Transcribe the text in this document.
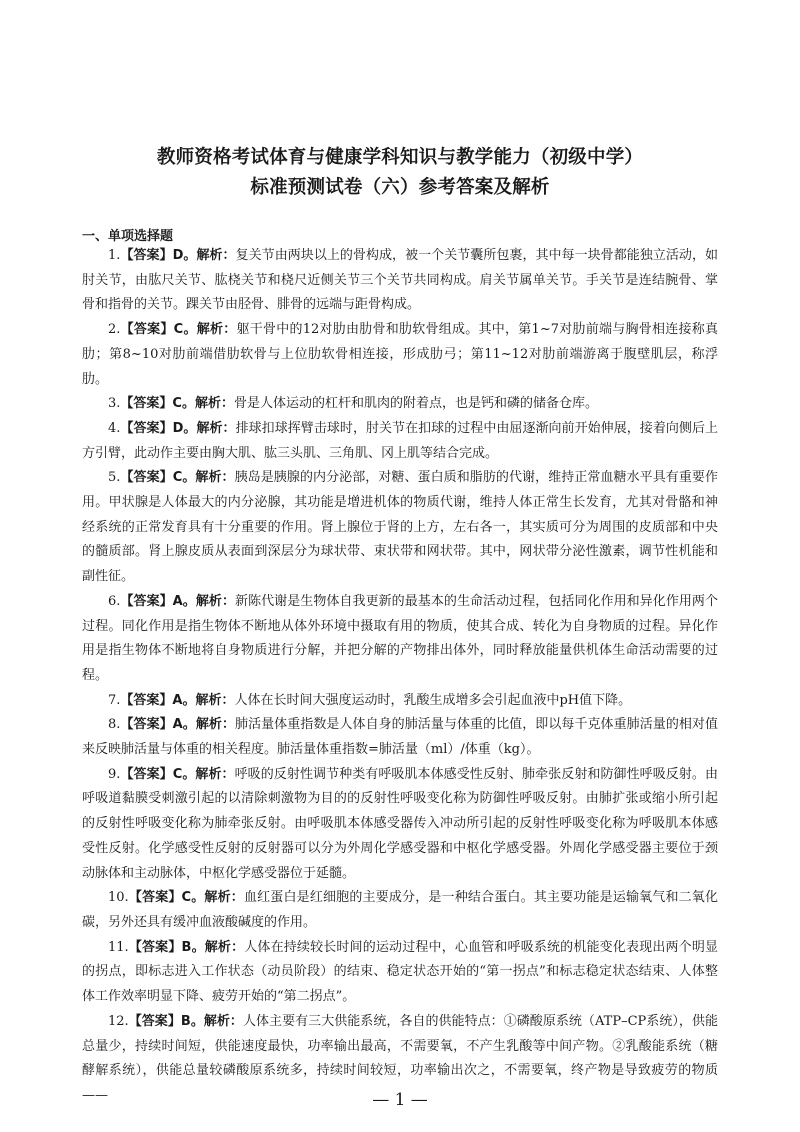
教师资格考试体育与健康学科知识与教学能力（初级中学）
标准预测试卷（六）参考答案及解析
一、单项选择题

1.【答案】D。解析：复关节由两块以上的骨构成，被一个关节囊所包裹，其中每一块骨都能独立活动，如肘关节，由肱尺关节、肱桡关节和桡尺近侧关节三个关节共同构成。肩关节属单关节。手关节是连结腕骨、掌骨和指骨的关节。踝关节由胫骨、腓骨的远端与距骨构成。

2.【答案】C。解析：躯干骨中的12对肋由肋骨和肋软骨组成。其中，第1~7对肋前端与胸骨相连接称真肋；第8~10对肋前端借肋软骨与上位肋软骨相连接，形成肋弓；第11~12对肋前端游离于腹壁肌层，称浮肋。

3.【答案】C。解析：骨是人体运动的杠杆和肌肉的附着点，也是钙和磷的储备仓库。

4.【答案】D。解析：排球扣球挥臂击球时，肘关节在扣球的过程中由屈逐渐向前开始伸展，接着向侧后上方引臂，此动作主要由胸大肌、肱三头肌、三角肌、冈上肌等结合完成。

5.【答案】C。解析：胰岛是胰腺的内分泌部，对糖、蛋白质和脂肪的代谢，维持正常血糖水平具有重要作用。甲状腺是人体最大的内分泌腺，其功能是增进机体的物质代谢，维持人体正常生长发育，尤其对骨骼和神经系统的正常发育具有十分重要的作用。肾上腺位于肾的上方，左右各一，其实质可分为周围的皮质部和中央的髓质部。肾上腺皮质从表面到深层分为球状带、束状带和网状带。其中，网状带分泌性激素，调节性机能和副性征。

6.【答案】A。解析：新陈代谢是生物体自我更新的最基本的生命活动过程，包括同化作用和异化作用两个过程。同化作用是指生物体不断地从体外环境中摄取有用的物质，使其合成、转化为自身物质的过程。异化作用是指生物体不断地将自身物质进行分解，并把分解的产物排出体外，同时释放能量供机体生命活动需要的过程。

7.【答案】A。解析：人体在长时间大强度运动时，乳酸生成增多会引起血液中pH值下降。

8.【答案】A。解析：肺活量体重指数是人体自身的肺活量与体重的比值，即以每千克体重肺活量的相对值来反映肺活量与体重的相关程度。肺活量体重指数=肺活量（ml）/体重（kg）。

9.【答案】C。解析：呼吸的反射性调节种类有呼吸肌本体感受性反射、肺牵张反射和防御性呼吸反射。由呼吸道黏膜受刺激引起的以清除刺激物为目的的反射性呼吸变化称为防御性呼吸反射。由肺扩张或缩小所引起的反射性呼吸变化称为肺牵张反射。由呼吸肌本体感受器传入冲动所引起的反射性呼吸变化称为呼吸肌本体感受性反射。化学感受性反射的反射器可以分为外周化学感受器和中枢化学感受器。外周化学感受器主要位于颈动脉体和主动脉体，中枢化学感受器位于延髓。

10.【答案】C。解析：血红蛋白是红细胞的主要成分，是一种结合蛋白。其主要功能是运输氧气和二氧化碳，另外还具有缓冲血液酸碱度的作用。

11.【答案】B。解析：人体在持续较长时间的运动过程中，心血管和呼吸系统的机能变化表现出两个明显的拐点，即标志进入工作状态（动员阶段）的结束、稳定状态开始的“第一拐点”和标志稳定状态结束、人体整体工作效率明显下降、疲劳开始的“第二拐点”。

12.【答案】B。解析：人体主要有三大供能系统，各自的供能特点：①磷酸原系统（ATP–CP系统），供能总量少，持续时间短，供能速度最快，功率输出最高，不需要氧，不产生乳酸等中间产物。②乳酸能系统（糖酵解系统），供能总量较磷酸原系统多，持续时间较短，功率输出次之，不需要氧，终产物是导致疲劳的物质——	— 1 —
